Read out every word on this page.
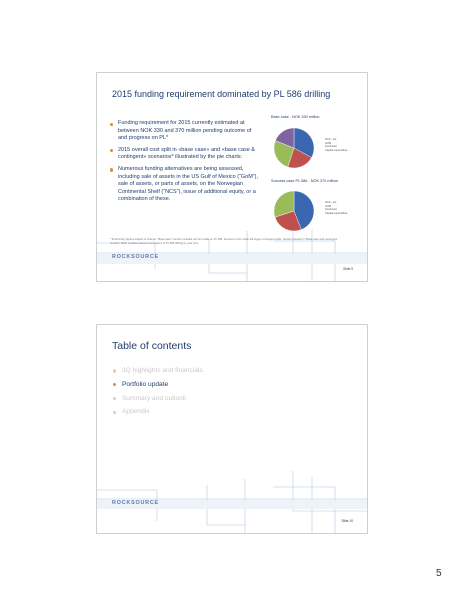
2015 funding requirement dominated by PL 586 drilling
Funding requirement for 2015 currently estimated at between NOK 330 and 370 million pending outcome of and progress on PL*
2015 overall cost split in «base case» and «base case & contingent» scenarios* illustrated by the pie charts:
Numerous funding alternatives are being assessed, including sale of assets in the US Gulf of Mexico (“GoM”), sale of assets, or parts of assets, on the Norwegian Continental Shelf (“NCS”), issue of additional equity, or a combination of these.
Base case - NOK 330 million
NCS - est.
GOM
Overhead
Capital expenditure
Success case PL 586 - NOK 370 million
NCS - est.
GOM
Overhead
Capital expenditure
* Preliminary figures subject to change. "Base case" number includes test firm wells on PL 586. Success in firm wells will trigger contingent wells. Stocks included in "Base case and contingent number". Both numbers assume completion of PL 586 drilling by year end.
ROCKSOURCE
Slide 9
Table of contents
3Q highlights and financials
Portfolio update
Summary and outlook
Appendix
ROCKSOURCE
Slide 10
5
